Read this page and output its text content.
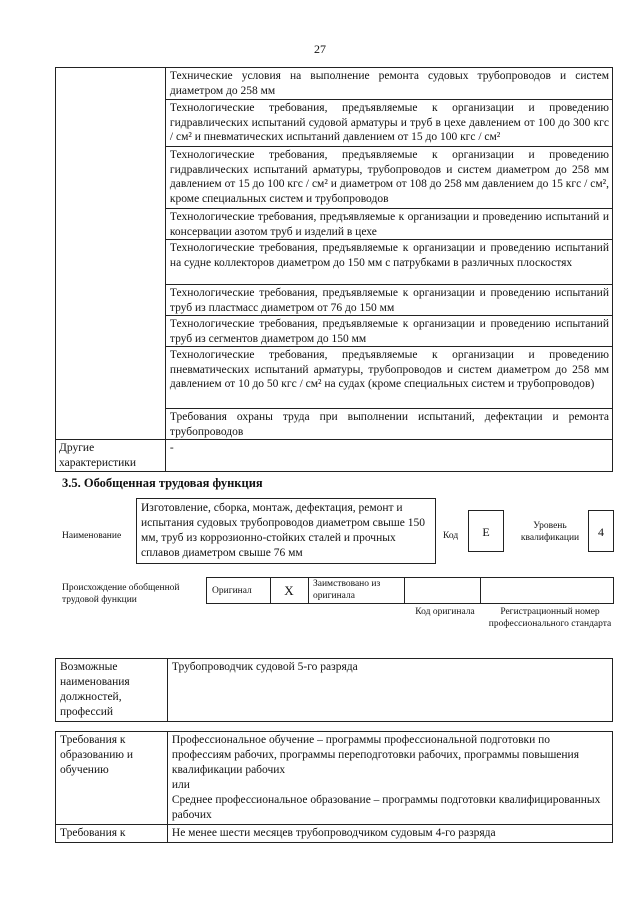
27
	Технические условия на выполнение ремонта судовых трубопроводов и систем диаметром до 258 мм
	Технологические требования, предъявляемые к организации и проведению гидравлических испытаний судовой арматуры и труб в цехе давлением от 100 до 300 кгс / см² и пневматических испытаний давлением от 15 до 100 кгс / см²
	Технологические требования, предъявляемые к организации и проведению гидравлических испытаний арматуры, трубопроводов и систем диаметром до 258 мм давлением от 15 до 100 кгс / см² и диаметром от 108 до 258 мм давлением до 15 кгс / см², кроме специальных систем и трубопроводов
	Технологические требования, предъявляемые к организации и проведению испытаний и консервации азотом труб и изделий в цехе
	Технологические требования, предъявляемые к организации и проведению испытаний на судне коллекторов диаметром до 150 мм с патрубками в различных плоскостях
	Технологические требования, предъявляемые к организации и проведению испытаний труб из пластмасс диаметром от 76 до 150 мм
	Технологические требования, предъявляемые к организации и проведению испытаний труб из сегментов диаметром до 150 мм
	Технологические требования, предъявляемые к организации и проведению пневматических испытаний арматуры, трубопроводов и систем диаметром до 258 мм давлением от 10 до 50 кгс / см² на судах (кроме специальных систем и трубопроводов)
	Требования охраны труда при выполнении испытаний, дефектации и ремонта трубопроводов
Другие характеристики	-
3.5. Обобщенная трудовая функция
Наименование
Изготовление, сборка, монтаж, дефектация, ремонт и испытания судовых трубопроводов диаметром свыше 150 мм, труб из коррозионно-стойких сталей и прочных сплавов диаметром свыше 76 мм
Код	E	Уровень квалификации	4
Происхождение обобщенной трудовой функции
Оригинал	X	Заимствовано из оригинала
Код оригинала	Регистрационный номер профессионального стандарта
Возможные наименования должностей, профессий	Трубопроводчик судовой 5-го разряда
Требования к образованию и обучению	Профессиональное обучение – программы профессиональной подготовки по профессиям рабочих, программы переподготовки рабочих, программы повышения квалификации рабочих
или
Среднее профессиональное образование – программы подготовки квалифицированных рабочих

Требования к	Не менее шести месяцев трубопроводчиком судовым 4-го разряда
